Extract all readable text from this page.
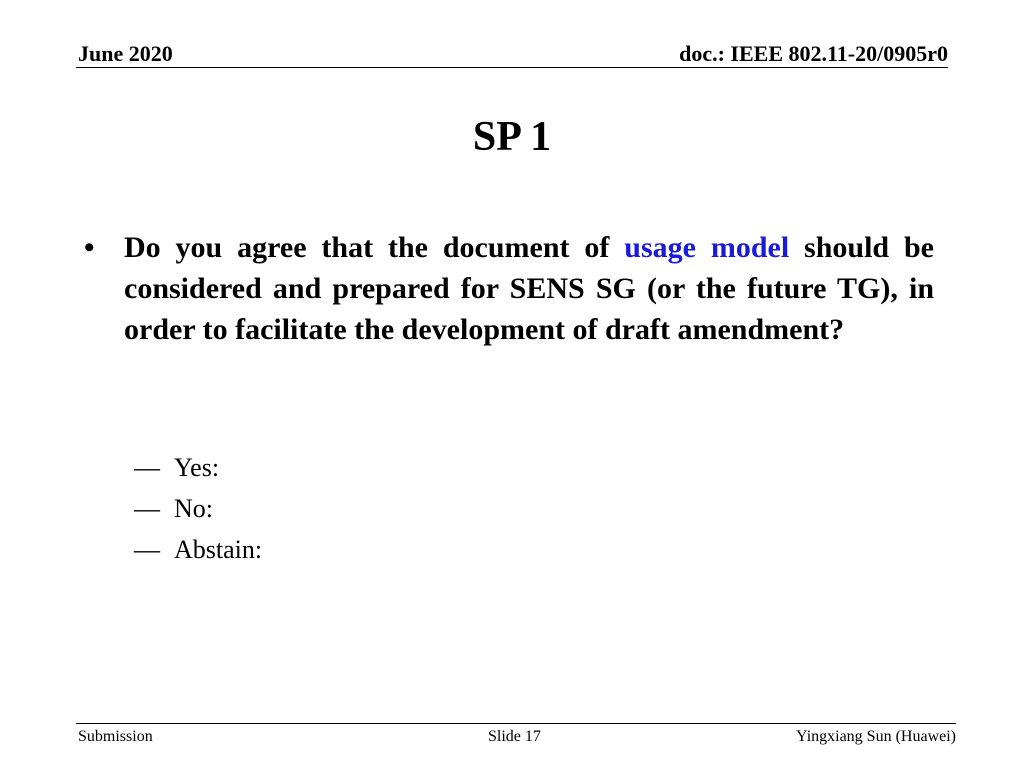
June 2020	doc.: IEEE 802.11-20/0905r0
SP 1
• Do you agree that the document of usage model should be considered and prepared for SENS SG (or the future TG), in order to facilitate the development of draft amendment?
— Yes:
— No:
— Abstain:
Submission	Slide 17	Yingxiang Sun (Huawei)
